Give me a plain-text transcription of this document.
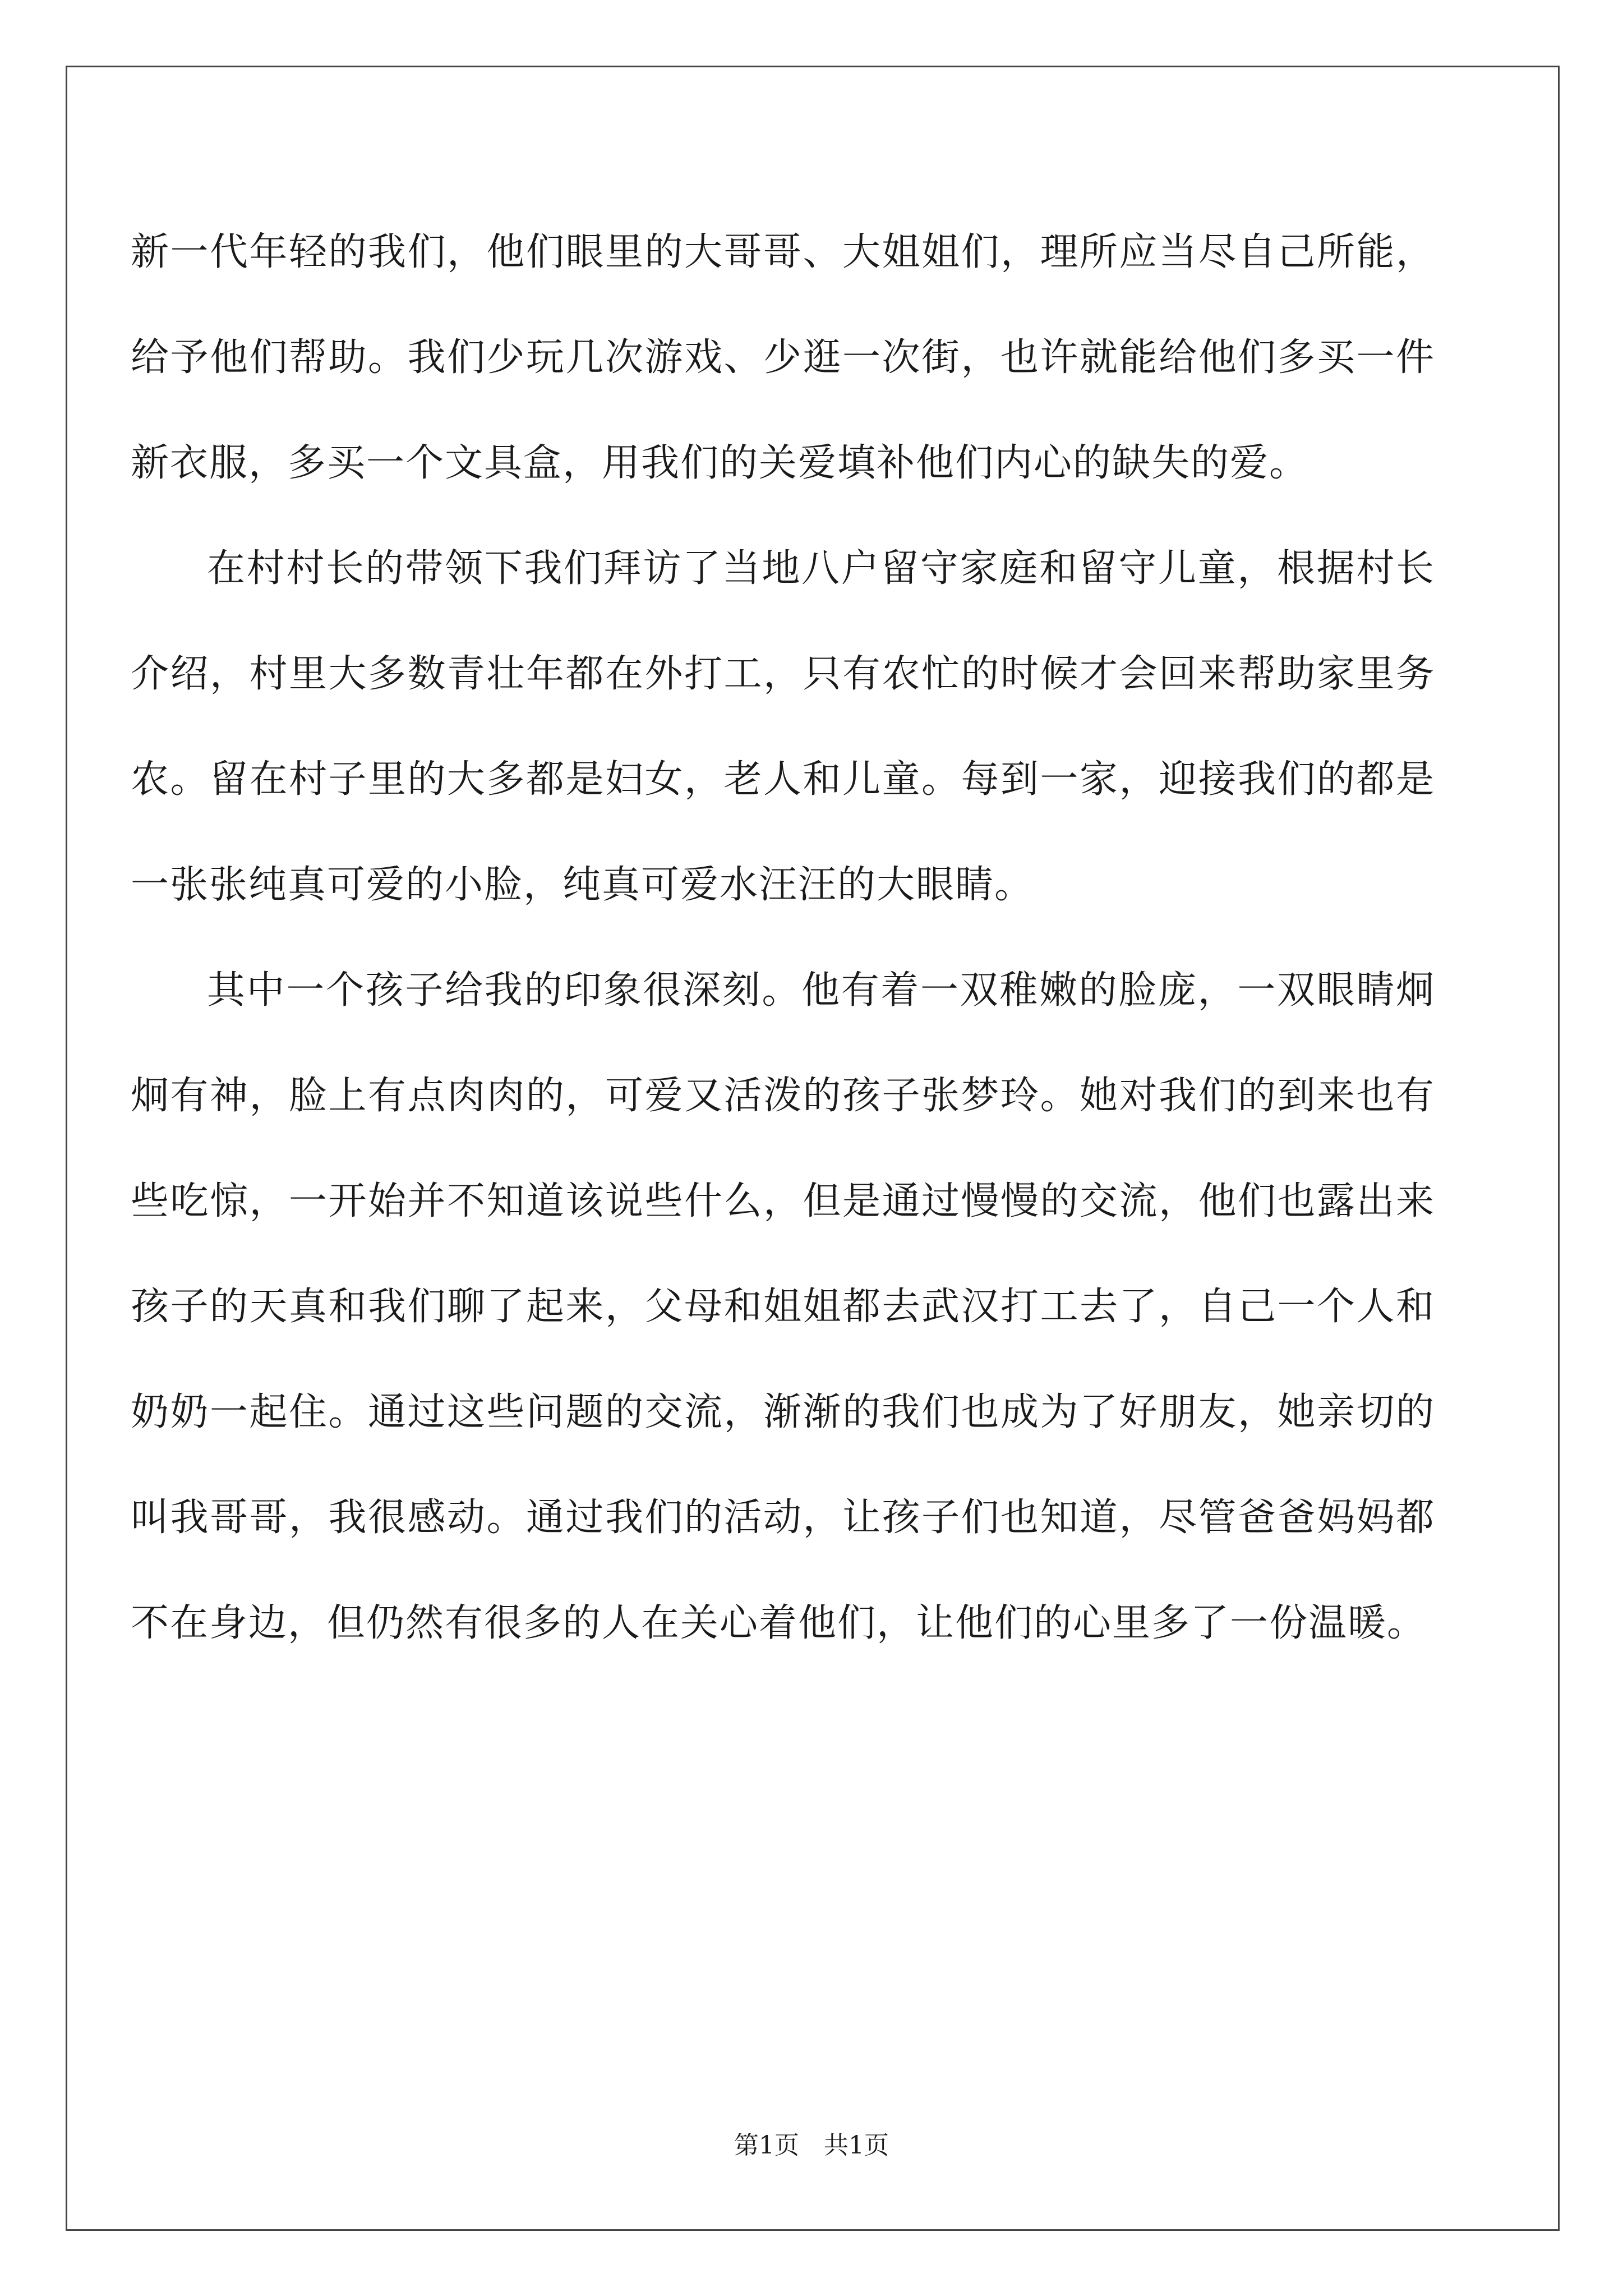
新一代年轻的我们，他们眼里的大哥哥、大姐姐们，理所应当尽自己所能，给予他们帮助。我们少玩几次游戏、少逛一次街，也许就能给他们多买一件新衣服，多买一个文具盒，用我们的关爱填补他们内心的缺失的爱。

在村村长的带领下我们拜访了当地八户留守家庭和留守儿童，根据村长介绍，村里大多数青壮年都在外打工，只有农忙的时候才会回来帮助家里务农。留在村子里的大多都是妇女，老人和儿童。每到一家，迎接我们的都是一张张纯真可爱的小脸，纯真可爱水汪汪的大眼睛。

其中一个孩子给我的印象很深刻。他有着一双稚嫩的脸庞，一双眼睛炯炯有神，脸上有点肉肉的，可爱又活泼的孩子张梦玲。她对我们的到来也有些吃惊，一开始并不知道该说些什么，但是通过慢慢的交流，他们也露出来孩子的天真和我们聊了起来，父母和姐姐都去武汉打工去了，自己一个人和奶奶一起住。通过这些问题的交流，渐渐的我们也成为了好朋友，她亲切的叫我哥哥，我很感动。通过我们的活动，让孩子们也知道，尽管爸爸妈妈都不在身边，但仍然有很多的人在关心着他们，让他们的心里多了一份温暖。

第1页 共1页
